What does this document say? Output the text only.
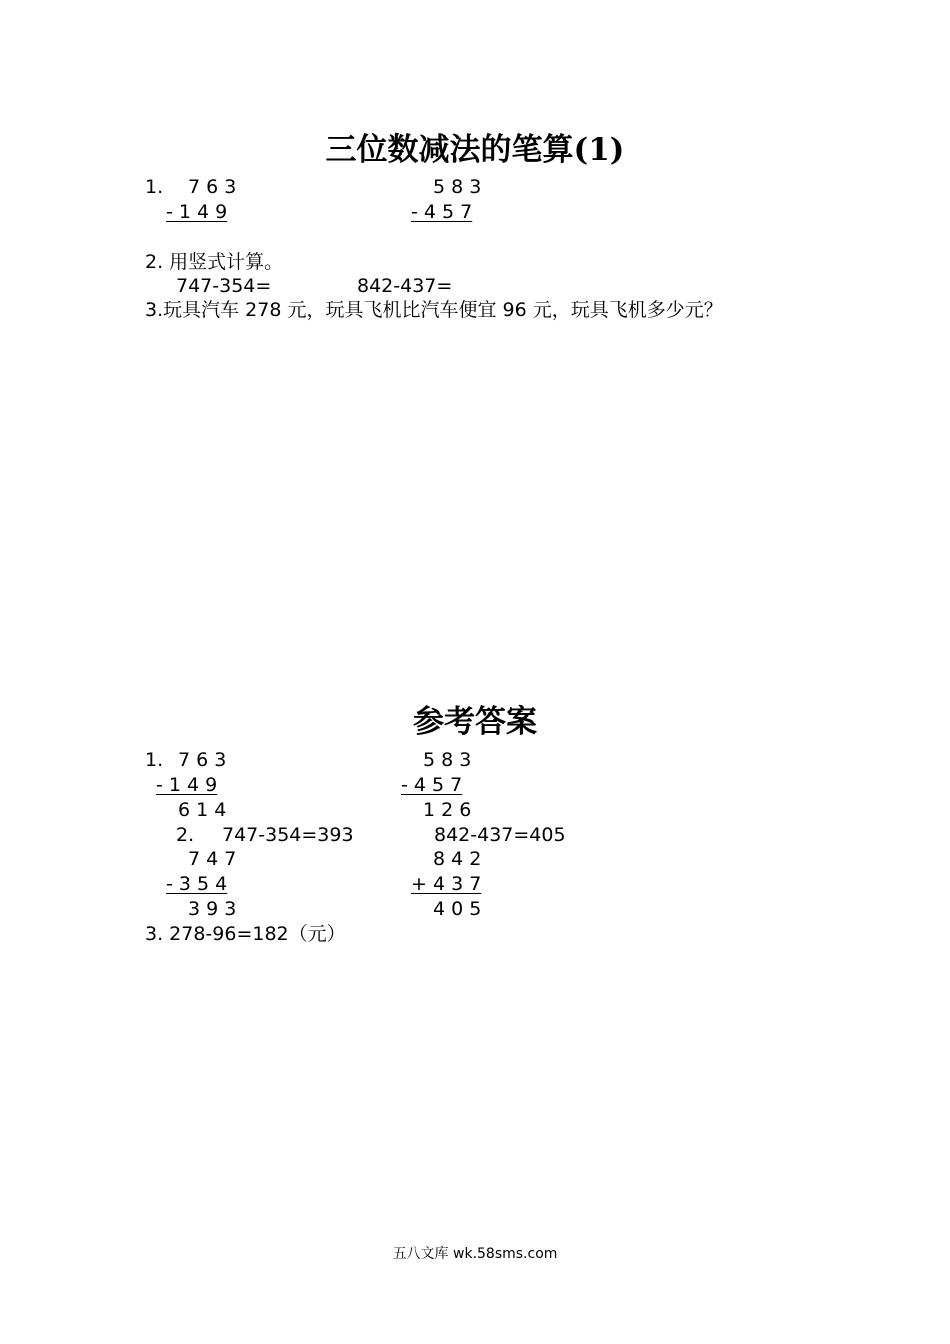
三位数减法的笔算(1)
1. 7 6 3
- 1 4 9
5 8 3
- 4 5 7
2. 用竖式计算。
747-354=	842-437=
3.玩具汽车 278 元，玩具飞机比汽车便宜 96 元，玩具飞机多少元？
参考答案
1. 7 6 3
- 1 4 9
6 1 4
5 8 3
- 4 5 7
1 2 6
2. 747-354=393	842-437=405
7 4 7
- 3 5 4
3 9 3
8 4 2
+ 4 3 7
4 0 5
3. 278-96=182（元）
五八文库 wk.58sms.com
